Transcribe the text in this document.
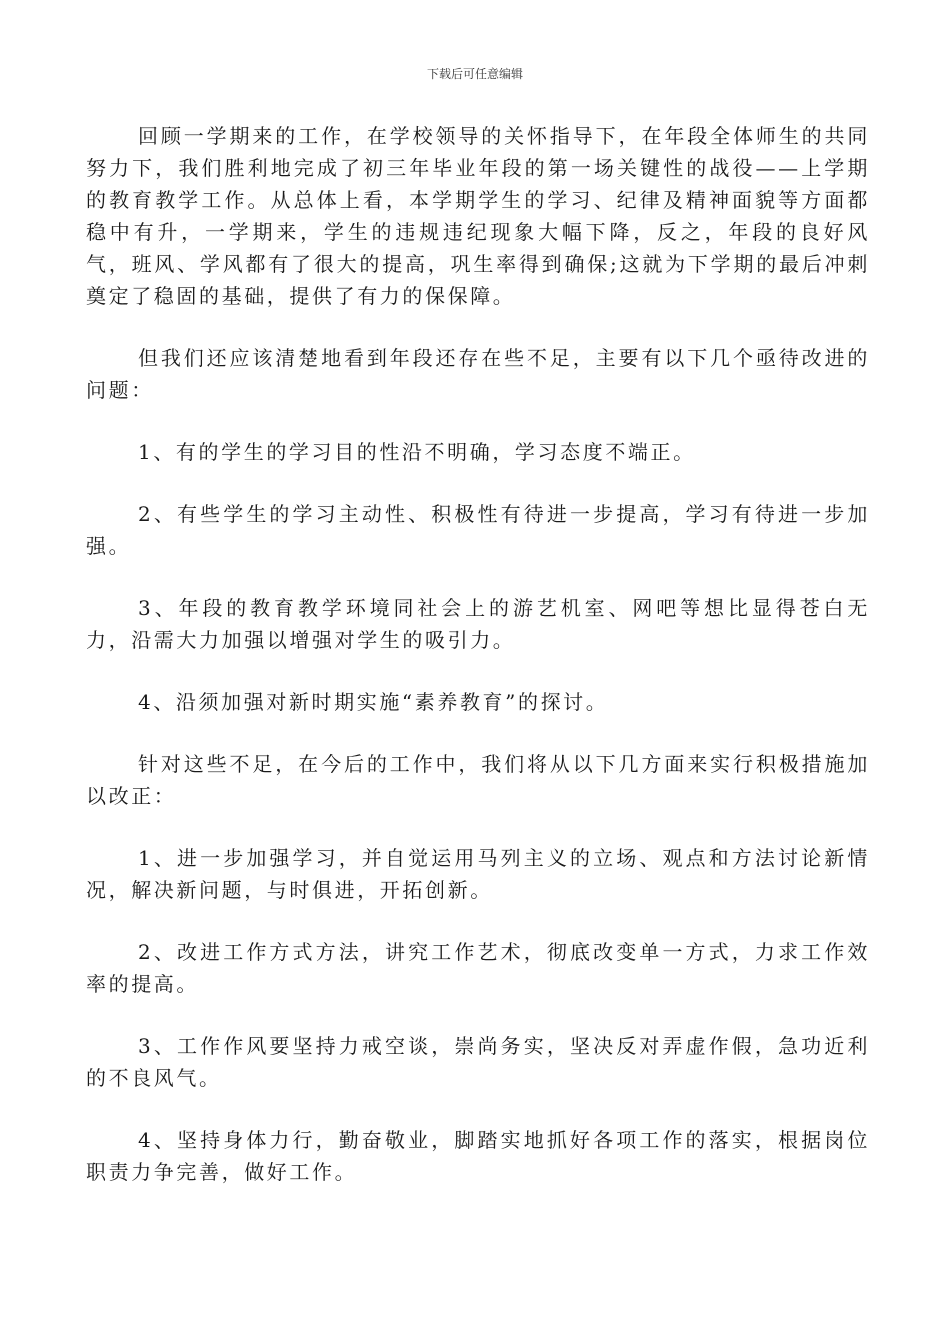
下载后可任意编辑

回顾一学期来的工作，在学校领导的关怀指导下，在年段全体师生的共同努力下，我们胜利地完成了初三年毕业年段的第一场关键性的战役——上学期的教育教学工作。从总体上看，本学期学生的学习、纪律及精神面貌等方面都稳中有升，一学期来，学生的违规违纪现象大幅下降，反之，年段的良好风气，班风、学风都有了很大的提高，巩生率得到确保;这就为下学期的最后冲刺奠定了稳固的基础，提供了有力的保保障。

但我们还应该清楚地看到年段还存在些不足，主要有以下几个亟待改进的问题：

1、有的学生的学习目的性沿不明确，学习态度不端正。

2、有些学生的学习主动性、积极性有待进一步提高，学习有待进一步加强。

3、年段的教育教学环境同社会上的游艺机室、网吧等想比显得苍白无力，沿需大力加强以增强对学生的吸引力。

4、沿须加强对新时期实施“素养教育”的探讨。

针对这些不足，在今后的工作中，我们将从以下几方面来实行积极措施加以改正：

1、进一步加强学习，并自觉运用马列主义的立场、观点和方法讨论新情况，解决新问题，与时俱进，开拓创新。

2、改进工作方式方法，讲究工作艺术，彻底改变单一方式，力求工作效率的提高。

3、工作作风要坚持力戒空谈，崇尚务实，坚决反对弄虚作假，急功近利的不良风气。

4、坚持身体力行，勤奋敬业，脚踏实地抓好各项工作的落实，根据岗位职责力争完善，做好工作。
